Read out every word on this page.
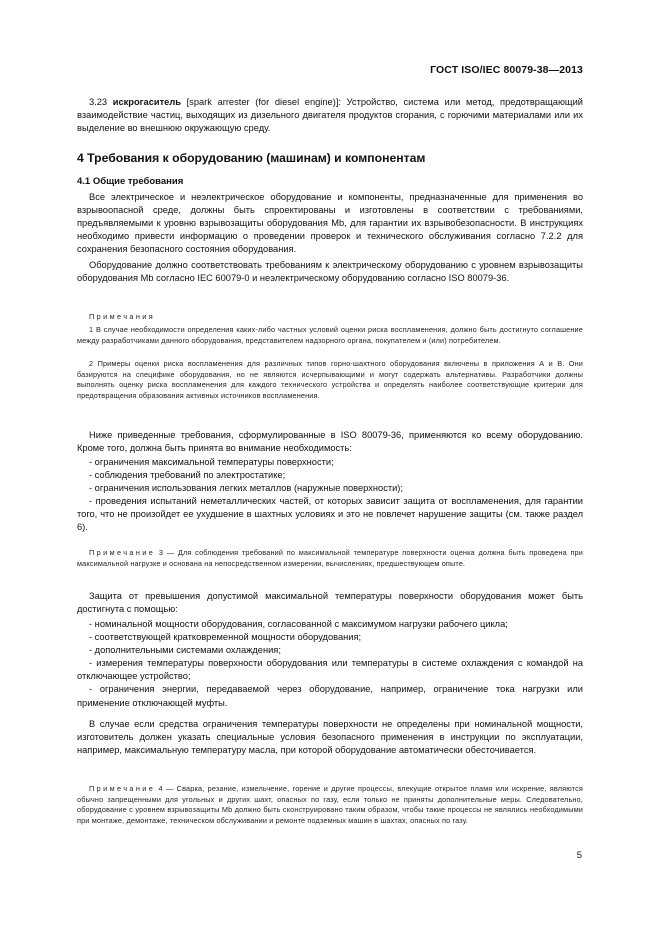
ГОСТ ISO/IEC 80079-38—2013

3.23 искрогаситель [spark arrester (for diesel engine)]: Устройство, система или метод, предотвращающий взаимодействие частиц, выходящих из дизельного двигателя продуктов сгорания, с горючими материалами или их выделение во внешнюю окружающую среду.

4 Требования к оборудованию (машинам) и компонентам
4.1 Общие требования

Все электрическое и неэлектрическое оборудование и компоненты, предназначенные для применения во взрывоопасной среде, должны быть спроектированы и изготовлены в соответствии с требованиями, предъявляемыми к уровню взрывозащиты оборудования Mb, для гарантии их взрывобезопасности. В инструкциях необходимо привести информацию о проведении проверок и технического обслуживания согласно 7.2.2 для сохранения безопасного состояния оборудования.

Оборудование должно соответствовать требованиям к электрическому оборудованию с уровнем взрывозащиты оборудования Mb согласно IEC 60079-0 и неэлектрическому оборудованию согласно ISO 80079-36.

Примечания

1 В случае необходимости определения каких-либо частных условий оценки риска воспламенения, должно быть достигнуто соглашение между разработчиками данного оборудования, представителем надзорного органа, покупателем и (или) потребителем.

2 Примеры оценки риска воспламенения для различных типов горно-шахтного оборудования включены в приложения А и В. Они базируются на специфике оборудования, но не являются исчерпывающими и могут содержать альтернативы. Разработчики должны выполнять оценку риска воспламенения для каждого технического устройства и определять наиболее соответствующие критерии для предотвращения образования активных источников воспламенения.

Ниже приведенные требования, сформулированные в ISO 80079-36, применяются ко всему оборудованию. Кроме того, должна быть принята во внимание необходимость:

- ограничения максимальной температуры поверхности;
- соблюдения требований по электростатике;
- ограничения использования легких металлов (наружные поверхности);
- проведения испытаний неметаллических частей, от которых зависит защита от воспламенения, для гарантии того, что не произойдет ее ухудшение в шахтных условиях и это не повлечет нарушение защиты (см. также раздел 6).

Примечание 3 — Для соблюдения требований по максимальной температуре поверхности оценка должна быть проведена при максимальной нагрузке и основана на непосредственном измерении, вычислениях, предшествующем опыте.

Защита от превышения допустимой максимальной температуры поверхности оборудования может быть достигнута с помощью:

- номинальной мощности оборудования, согласованной с максимумом нагрузки рабочего цикла;
- соответствующей кратковременной мощности оборудования;
- дополнительными системами охлаждения;
- измерения температуры поверхности оборудования или температуры в системе охлаждения с командой на отключающее устройство;
- ограничения энергии, передаваемой через оборудование, например, ограничение тока нагрузки или применение отключающей муфты.

В случае если средства ограничения температуры поверхности не определены при номинальной мощности, изготовитель должен указать специальные условия безопасного применения в инструкции по эксплуатации, например, максимальную температуру масла, при которой оборудование автоматически обесточивается.

Примечание 4 — Сварка, резание, измельчение, горение и другие процессы, влекущие открытое пламя или искрение, являются обычно запрещенными для угольных и других шахт, опасных по газу, если только не приняты дополнительные меры. Следовательно, оборудование с уровнем взрывозащиты Mb должно быть сконструировано таким образом, чтобы такие процессы не являлись необходимыми при монтаже, демонтаже, техническом обслуживании и ремонте подземных машин в шахтах, опасных по газу.

5
